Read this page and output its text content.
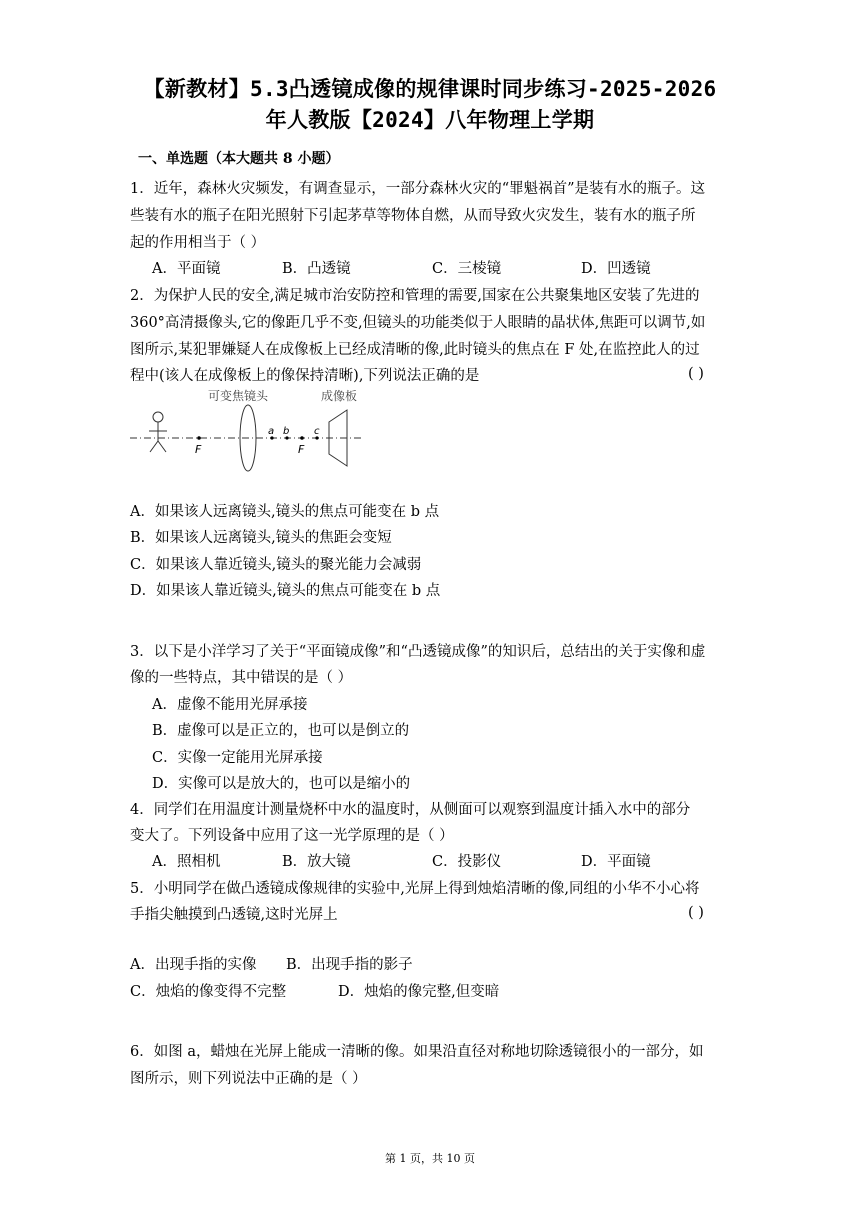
【新教材】5.3凸透镜成像的规律课时同步练习-2025-2026
年人教版【2024】八年物理上学期
一、单选题（本大题共 8 小题）
1．近年，森林火灾频发，有调查显示，一部分森林火灾的“罪魁祸首”是装有水的瓶子。这
些装有水的瓶子在阳光照射下引起茅草等物体自燃，从而导致火灾发生，装有水的瓶子所
起的作用相当于（ ）
A．平面镜	B．凸透镜	C．三棱镜	D．凹透镜
2．为保护人民的安全,满足城市治安防控和管理的需要,国家在公共聚集地区安装了先进的
360°高清摄像头,它的像距几乎不变,但镜头的功能类似于人眼睛的晶状体,焦距可以调节,如
图所示,某犯罪嫌疑人在成像板上已经成清晰的像,此时镜头的焦点在 F 处,在监控此人的过
程中(该人在成像板上的像保持清晰),下列说法正确的是	( )
F
可变焦镜头
a b
F
c
成像板
A．如果该人远离镜头,镜头的焦点可能变在 b 点
B．如果该人远离镜头,镜头的焦距会变短
C．如果该人靠近镜头,镜头的聚光能力会减弱
D．如果该人靠近镜头,镜头的焦点可能变在 b 点
3．以下是小洋学习了关于“平面镜成像”和“凸透镜成像”的知识后，总结出的关于实像和虚
像的一些特点，其中错误的是（ ）
A．虚像不能用光屏承接
B．虚像可以是正立的，也可以是倒立的
C．实像一定能用光屏承接
D．实像可以是放大的，也可以是缩小的
4．同学们在用温度计测量烧杯中水的温度时，从侧面可以观察到温度计插入水中的部分
变大了。下列设备中应用了这一光学原理的是（ ）
A．照相机	B．放大镜	C．投影仪	D．平面镜
5．小明同学在做凸透镜成像规律的实验中,光屏上得到烛焰清晰的像,同组的小华不小心将
手指尖触摸到凸透镜,这时光屏上	( )
A．出现手指的实像 B．出现手指的影子
C．烛焰的像变得不完整	D．烛焰的像完整,但变暗
6．如图 a，蜡烛在光屏上能成一清晰的像。如果沿直径对称地切除透镜很小的一部分，如
图所示，则下列说法中正确的是（ ）
第 1 页，共 10 页
